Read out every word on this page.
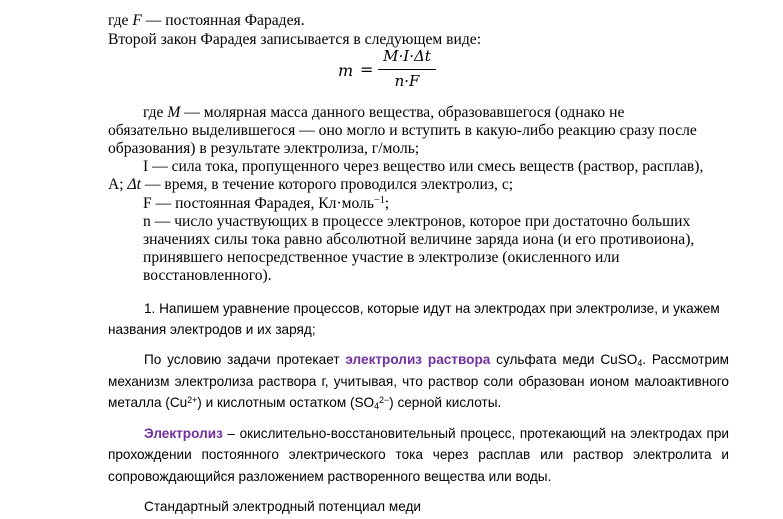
где F — постоянная Фарадея.
Второй закон Фарадея записывается в следующем виде:
m =
M·I·Δt
n·F
где M — молярная масса данного вещества, образовавшегося (однако не
обязательно выделившегося — оно могло и вступить в какую-либо реакцию сразу после
образования) в результате электролиза, г/моль;
I — сила тока, пропущенного через вещество или смесь веществ (раствор, расплав),
А; Δt — время, в течение которого проводился электролиз, с;
F — постоянная Фарадея, Кл·моль$^{-1}$;
n — число участвующих в процессе электронов, которое при достаточно больших
значениях силы тока равно абсолютной величине заряда иона (и его противоиона),
принявшего непосредственное участие в электролизе (окисленного или
восстановленного).
1. Напишем уравнение процессов, которые идут на электродах при электролизе, и укажем
названия электродов и их заряд;
По условию задачи протекает электролиз раствора сульфата меди CuSO$_4$. Рассмотрим
механизм электролиза раствора г, учитывая, что раствор соли образован ионом малоактивного
металла $(Cu^{2+})$ и кислотным остатком $(SO_4^{2-})$ серной кислоты.
Электролиз – окислительно-восстановительный процесс, протекающий на электродах при
прохождении постоянного электрического тока через расплав или раствор электролита и
сопровождающийся разложением растворенного вещества или воды.
Стандартный электродный потенциал меди
